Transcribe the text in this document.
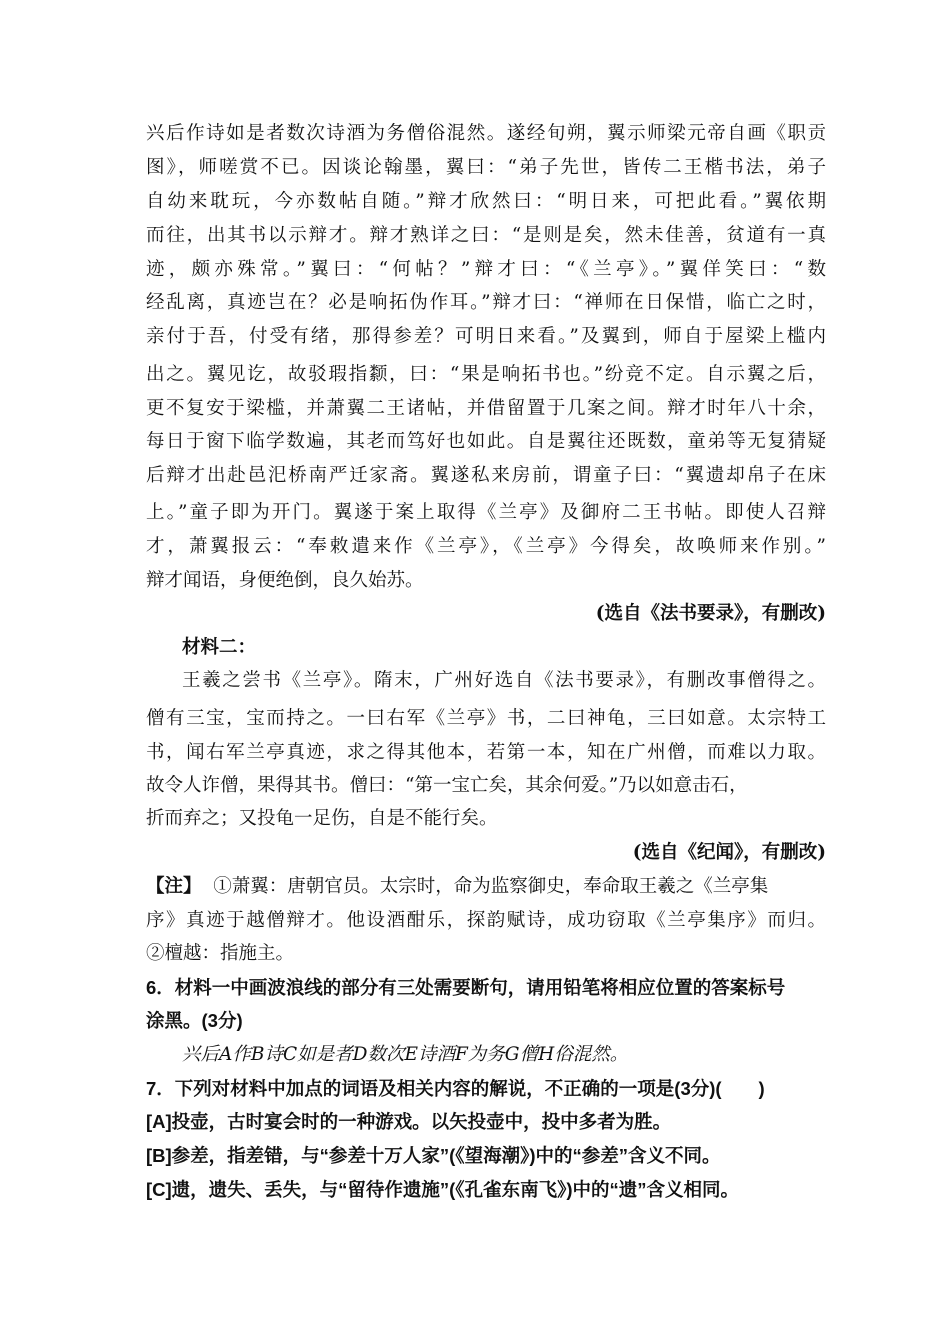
兴后作诗如是者数次诗酒为务僧俗混然。遂经旬朔，翼示师梁元帝自画《职贡

图》，师嗟赏不已。因谈论翰墨，翼曰：“弟子先世，皆传二王楷书法，弟子

自幼来耽玩，今亦数帖自随。”辩才欣然曰：“明日来，可把此看。”翼依期

而往，出其书以示辩才。辩才熟详之曰：“是则是矣，然未佳善，贫道有一真

迹，颇亦殊常。”翼曰：“何帖？”辩才曰：“《兰亭》。”翼佯笑曰：“数

经乱离，真迹岂在？必是响拓伪作耳。”辩才曰：“禅师在日保惜，临亡之时，

亲付于吾，付受有绪，那得参差？可明日来看。”及翼到，师自于屋梁上槛内

出之。翼见讫，故驳瑕指颣，曰：“果是响拓书也。”纷竞不定。自示翼之后，

更不复安于梁槛，并萧翼二王诸帖，并借留置于几案之间。辩才时年八十余，

每日于窗下临学数遍，其老而笃好也如此。自是翼往还既数，童弟等无复猜疑

后辩才出赴邑汜桥南严迁家斋。翼遂私来房前，谓童子曰：“翼遗却帛子在床

上。”童子即为开门。翼遂于案上取得《兰亭》及御府二王书帖。即使人召辩

才，萧翼报云：“奉敕遣来作《兰亭》，《兰亭》今得矣，故唤师来作别。”

辩才闻语，身便绝倒，良久始苏。

(选自《法书要录》，有删改)

材料二：

王羲之尝书《兰亭》。隋末，广州好选自《法书要录》，有删改事僧得之。

僧有三宝，宝而持之。一曰右军《兰亭》书，二曰神龟，三曰如意。太宗特工

书，闻右军兰亭真迹，求之得其他本，若第一本，知在广州僧，而难以力取。

故令人诈僧，果得其书。僧曰：“第一宝亡矣，其余何爱。”乃以如意击石，

折而弃之；又投龟一足伤，自是不能行矣。

(选自《纪闻》，有删改)

【注】 ①萧翼：唐朝官员。太宗时，命为监察御史，奉命取王羲之《兰亭集

序》真迹于越僧辩才。他设酒酣乐，探韵赋诗，成功窃取《兰亭集序》而归。

②檀越：指施主。

6．材料一中画波浪线的部分有三处需要断句，请用铅笔将相应位置的答案标号

涂黑。(3分)

兴后A作B诗C如是者D数次E诗酒F为务G僧H俗混然。

7．下列对材料中加点的词语及相关内容的解说，不正确的一项是(3分)(　　)

[A]投壶，古时宴会时的一种游戏。以矢投壶中，投中多者为胜。

[B]参差，指差错，与“参差十万人家”(《望海潮》)中的“参差”含义不同。

[C]遗，遗失、丢失，与“留待作遗施”(《孔雀东南飞》)中的“遗”含义相同。
